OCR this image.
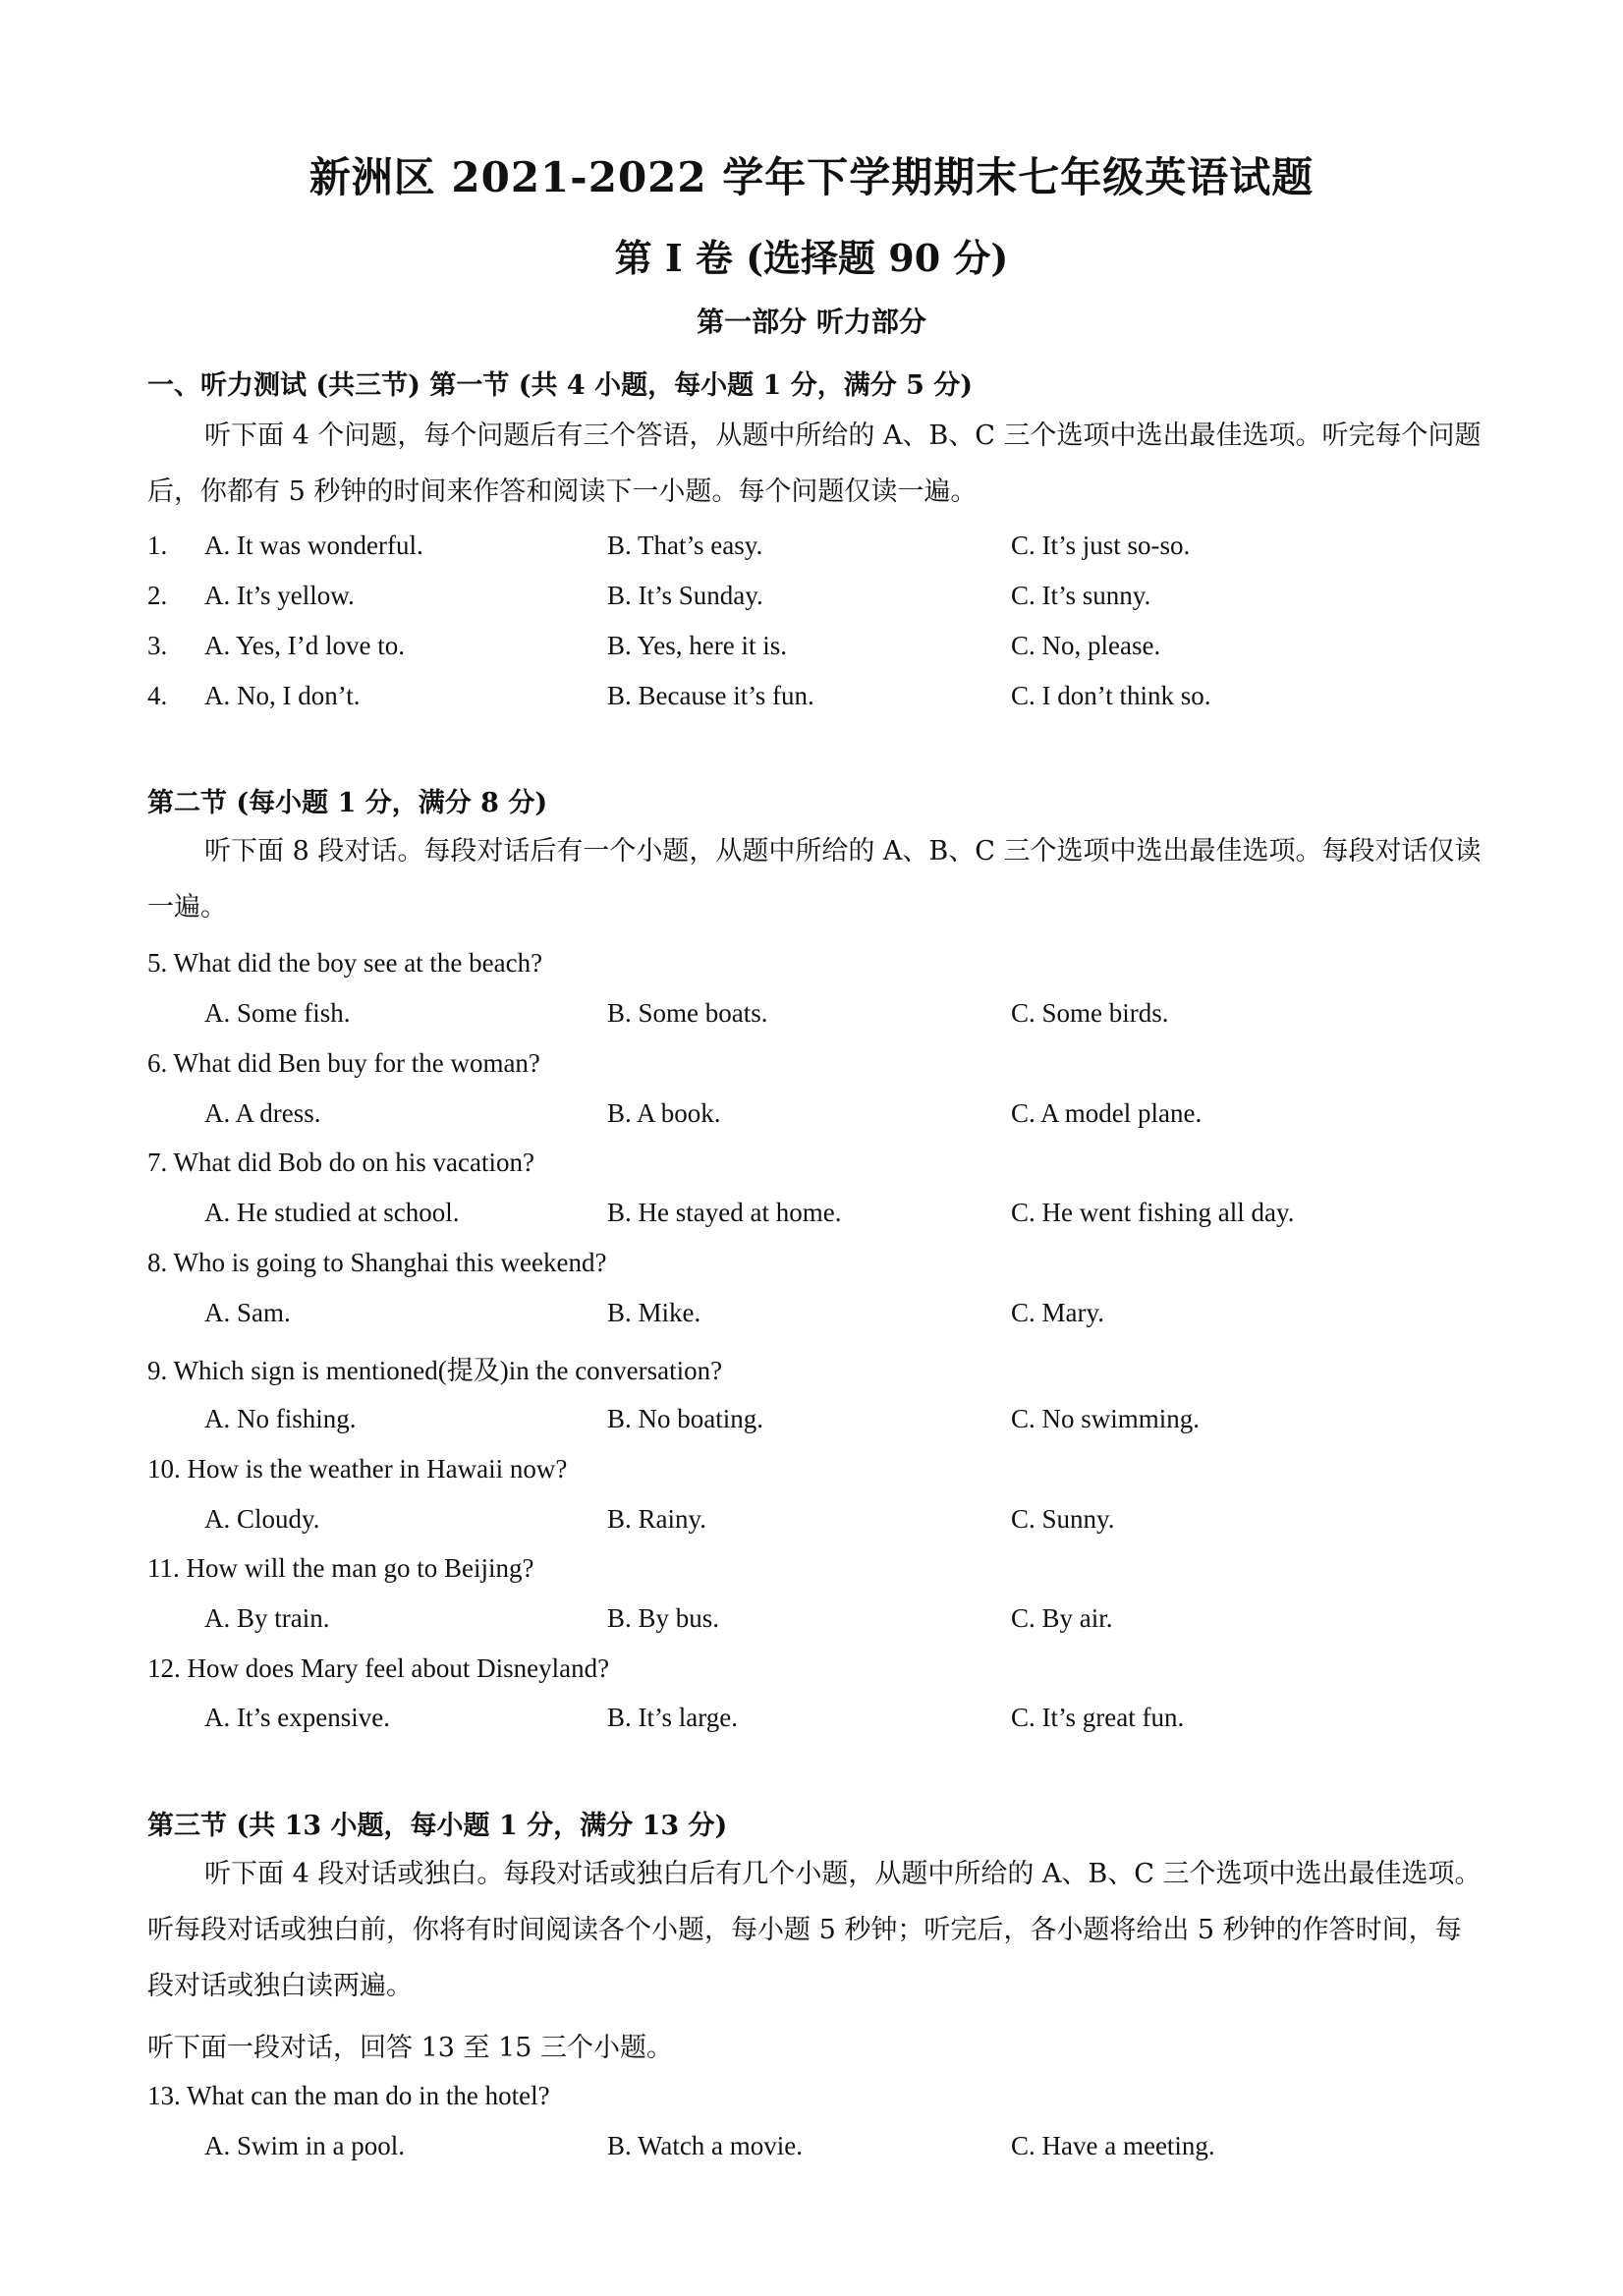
新洲区 2021-2022 学年下学期期末七年级英语试题
第 I 卷 (选择题 90 分)
第一部分 听力部分
一、听力测试 (共三节) 第一节 (共 4 小题，每小题 1 分，满分 5 分)
听下面 4 个问题，每个问题后有三个答语，从题中所给的 A、B、C 三个选项中选出最佳选项。听完每个问题后，你都有 5 秒钟的时间来作答和阅读下一小题。每个问题仅读一遍。
1. A. It was wonderful.	B. That’s easy.	C. It’s just so-so.
2. A. It’s yellow.	B. It’s Sunday.	C. It’s sunny.
3. A. Yes, I’d love to.	B. Yes, here it is.	C. No, please.
4. A. No, I don’t.	B. Because it’s fun.	C. I don’t think so.
第二节 (每小题 1 分，满分 8 分)
听下面 8 段对话。每段对话后有一个小题，从题中所给的 A、B、C 三个选项中选出最佳选项。每段对话仅读一遍。
5. What did the boy see at the beach?
A. Some fish.	B. Some boats.	C. Some birds.
6. What did Ben buy for the woman?
A. A dress.	B. A book.	C. A model plane.
7. What did Bob do on his vacation?
A. He studied at school.	B. He stayed at home.	C. He went fishing all day.
8. Who is going to Shanghai this weekend?
A. Sam.	B. Mike.	C. Mary.
9. Which sign is mentioned(提及)in the conversation?
A. No fishing.	B. No boating.	C. No swimming.
10. How is the weather in Hawaii now?
A. Cloudy.	B. Rainy.	C. Sunny.
11. How will the man go to Beijing?
A. By train.	B. By bus.	C. By air.
12. How does Mary feel about Disneyland?
A. It’s expensive.	B. It’s large.	C. It’s great fun.
第三节 (共 13 小题，每小题 1 分，满分 13 分)
听下面 4 段对话或独白。每段对话或独白后有几个小题，从题中所给的 A、B、C 三个选项中选出最佳选项。听每段对话或独白前，你将有时间阅读各个小题，每小题 5 秒钟；听完后，各小题将给出 5 秒钟的作答时间，每段对话或独白读两遍。
听下面一段对话，回答 13 至 15 三个小题。
13. What can the man do in the hotel?
A. Swim in a pool.	B. Watch a movie.	C. Have a meeting.
